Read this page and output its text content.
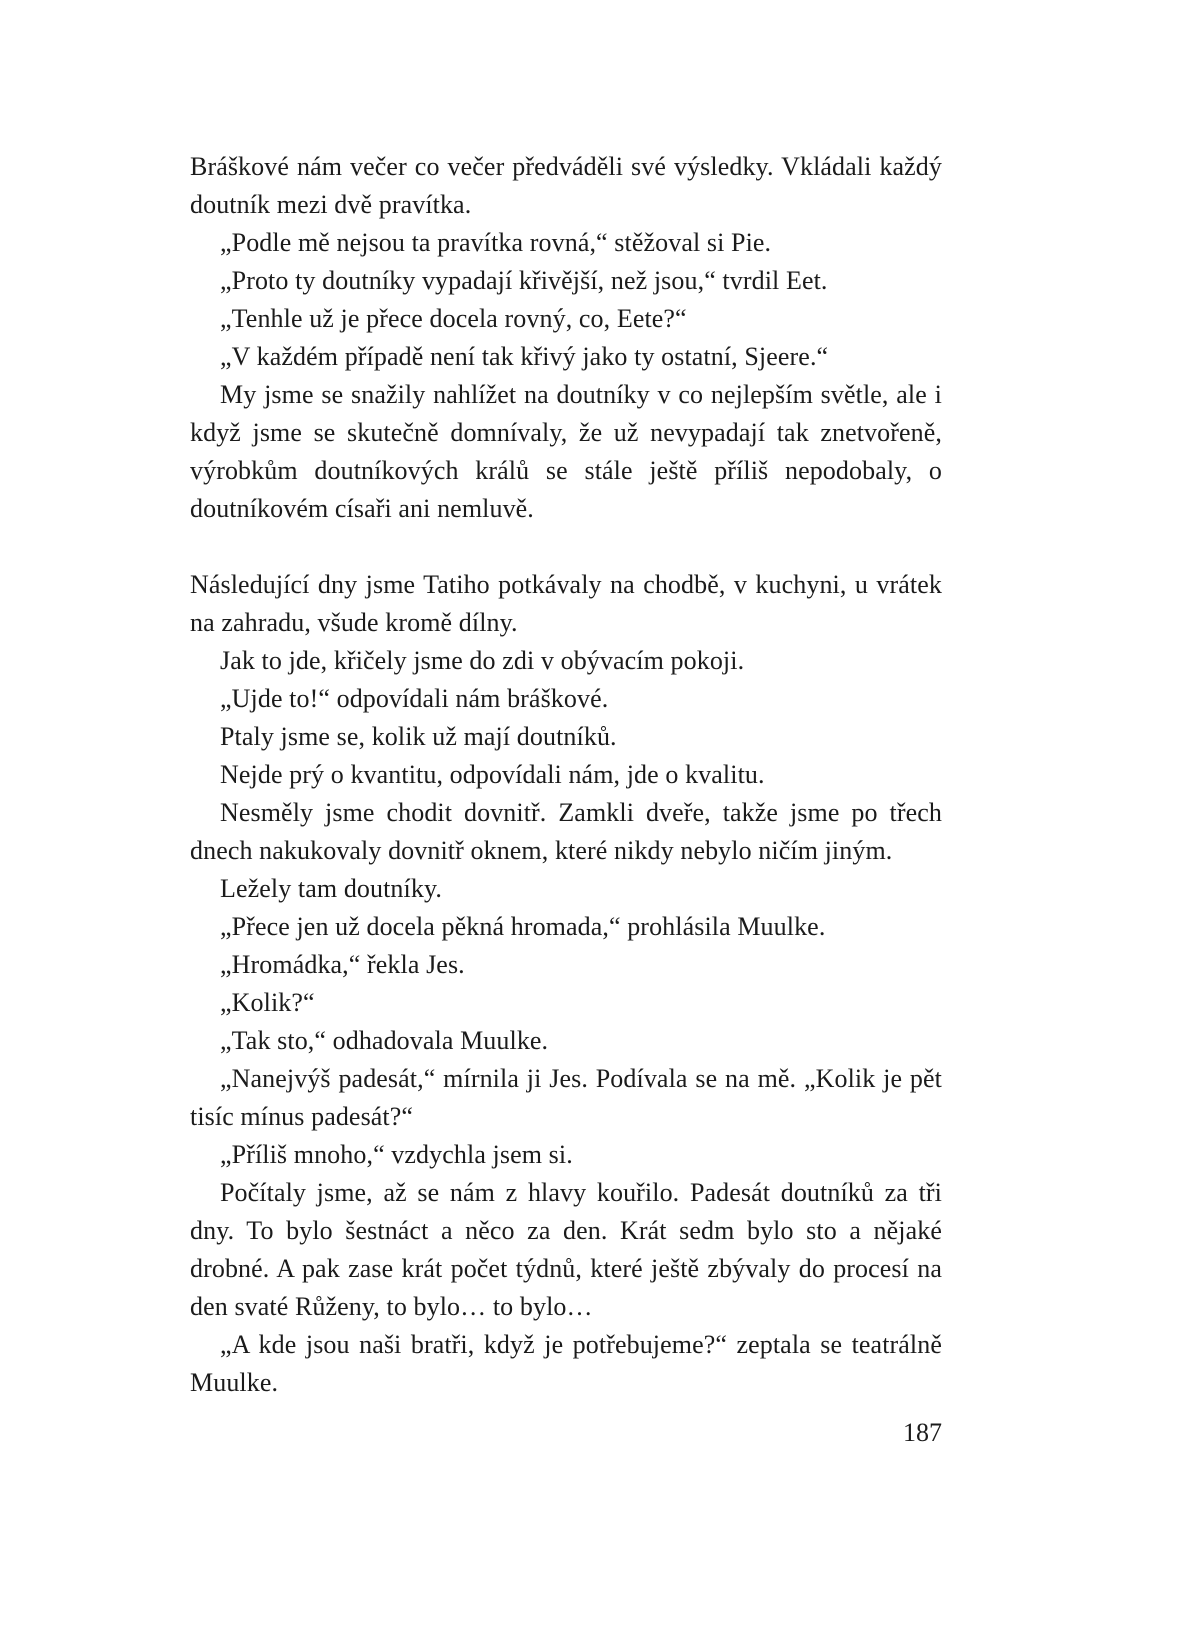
Bráškové nám večer co večer předváděli své výsledky. Vkládali každý doutník mezi dvě pravítka.

„Podle mě nejsou ta pravítka rovná,“ stěžoval si Pie.

„Proto ty doutníky vypadají křivější, než jsou,“ tvrdil Eet.

„Tenhle už je přece docela rovný, co, Eete?“

„V každém případě není tak křivý jako ty ostatní, Sjeere.“

My jsme se snažily nahlížet na doutníky v co nejlepším světle, ale i když jsme se skutečně domnívaly, že už nevypadají tak znetvořeně, výrobkům doutníkových králů se stále ještě příliš nepodobaly, o doutníkovém císaři ani nemluvě.

Následující dny jsme Tatiho potkávaly na chodbě, v kuchyni, u vrátek na zahradu, všude kromě dílny.

Jak to jde, křičely jsme do zdi v obývacím pokoji.

„Ujde to!“ odpovídali nám bráškové.

Ptaly jsme se, kolik už mají doutníků.

Nejde prý o kvantitu, odpovídali nám, jde o kvalitu.

Nesměly jsme chodit dovnitř. Zamkli dveře, takže jsme po třech dnech nakukovaly dovnitř oknem, které nikdy nebylo ničím jiným.

Ležely tam doutníky.

„Přece jen už docela pěkná hromada,“ prohlásila Muulke.

„Hromádka,“ řekla Jes.

„Kolik?“

„Tak sto,“ odhadovala Muulke.

„Nanejvýš padesát,“ mírnila ji Jes. Podívala se na mě. „Kolik je pět tisíc mínus padesát?“

„Příliš mnoho,“ vzdychla jsem si.

Počítaly jsme, až se nám z hlavy kouřilo. Padesát doutníků za tři dny. To bylo šestnáct a něco za den. Krát sedm bylo sto a nějaké drobné. A pak zase krát počet týdnů, které ještě zbývaly do procesí na den svaté Růženy, to bylo… to bylo…

„A kde jsou naši bratři, když je potřebujeme?“ zeptala se teatrálně Muulke.

187
